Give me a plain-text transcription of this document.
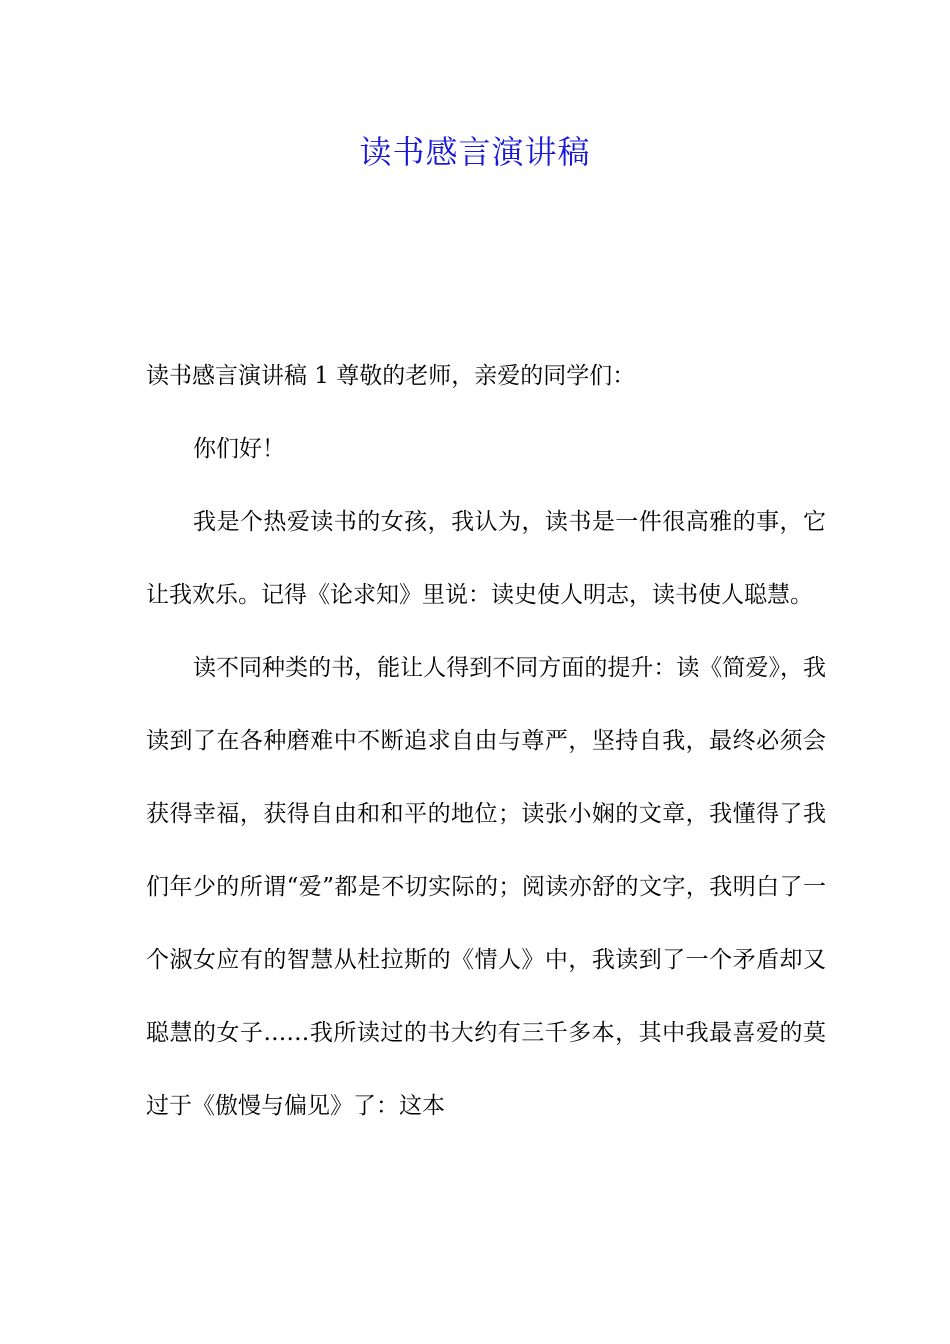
读书感言演讲稿

读书感言演讲稿 1 尊敬的老师，亲爱的同学们：

你们好！

我是个热爱读书的女孩，我认为，读书是一件很高雅的事，它让我欢乐。记得《论求知》里说：读史使人明志，读书使人聪慧。

读不同种类的书，能让人得到不同方面的提升：读《简爱》，我读到了在各种磨难中不断追求自由与尊严，坚持自我，最终必须会获得幸福，获得自由和和平的地位；读张小娴的文章，我懂得了我们年少的所谓“爱”都是不切实际的；阅读亦舒的文字，我明白了一个淑女应有的智慧从杜拉斯的《情人》中，我读到了一个矛盾却又聪慧的女子……我所读过的书大约有三千多本，其中我最喜爱的莫过于《傲慢与偏见》了：这本
